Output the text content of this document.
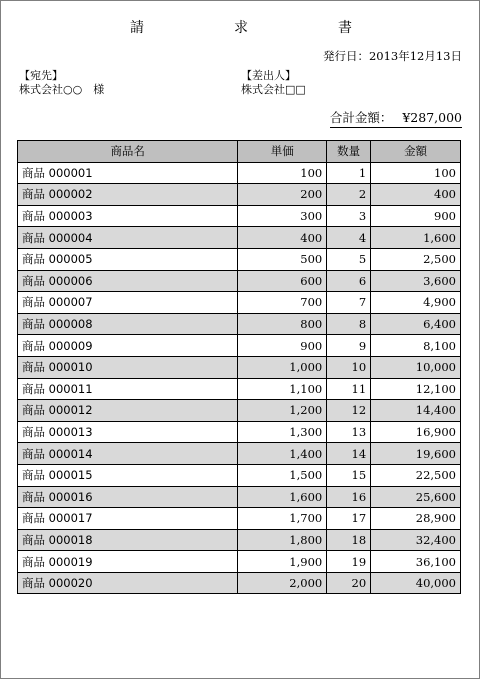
請　求　書
発行日：2013年12月13日
【宛先】
株式会社○○　様
【差出人】
株式会社□□
合計金額： ¥287,000
商品名	単価	数量	金額
商品 000001	100	1	100
商品 000002	200	2	400
商品 000003	300	3	900
商品 000004	400	4	1,600
商品 000005	500	5	2,500
商品 000006	600	6	3,600
商品 000007	700	7	4,900
商品 000008	800	8	6,400
商品 000009	900	9	8,100
商品 000010	1,000	10	10,000
商品 000011	1,100	11	12,100
商品 000012	1,200	12	14,400
商品 000013	1,300	13	16,900
商品 000014	1,400	14	19,600
商品 000015	1,500	15	22,500
商品 000016	1,600	16	25,600
商品 000017	1,700	17	28,900
商品 000018	1,800	18	32,400
商品 000019	1,900	19	36,100
商品 000020	2,000	20	40,000
